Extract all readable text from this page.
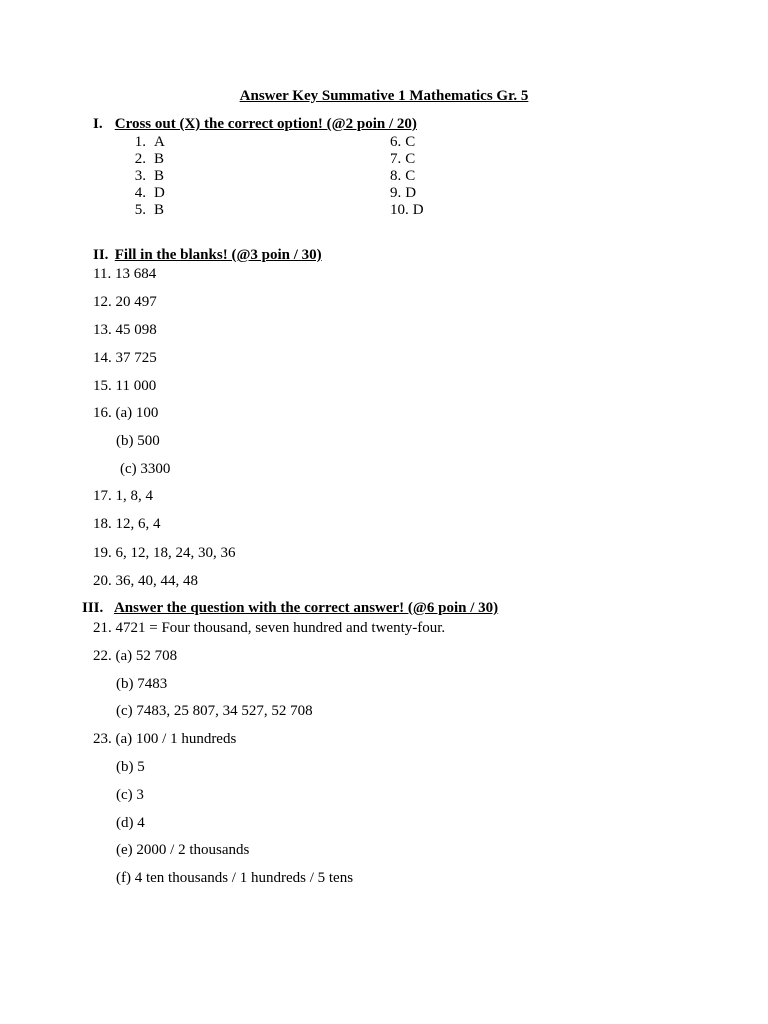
Answer Key Summative 1 Mathematics Gr. 5
I. Cross out (X) the correct option! (@2 poin / 20)
1. A
2. B
3. B
4. D
5. B
6. C
7. C
8. C
9. D
10. D
II. Fill in the blanks! (@3 poin / 30)
11. 13 684
12. 20 497
13. 45 098
14. 37 725
15. 11 000
16. (a) 100
(b) 500
(c) 3300
17. 1, 8, 4
18. 12, 6, 4
19. 6, 12, 18, 24, 30, 36
20. 36, 40, 44, 48
III. Answer the question with the correct answer! (@6 poin / 30)
21. 4721 = Four thousand, seven hundred and twenty-four.
22. (a) 52 708
(b) 7483
(c) 7483, 25 807, 34 527, 52 708
23. (a) 100 / 1 hundreds
(b) 5
(c) 3
(d) 4
(e) 2000 / 2 thousands
(f) 4 ten thousands / 1 hundreds / 5 tens
